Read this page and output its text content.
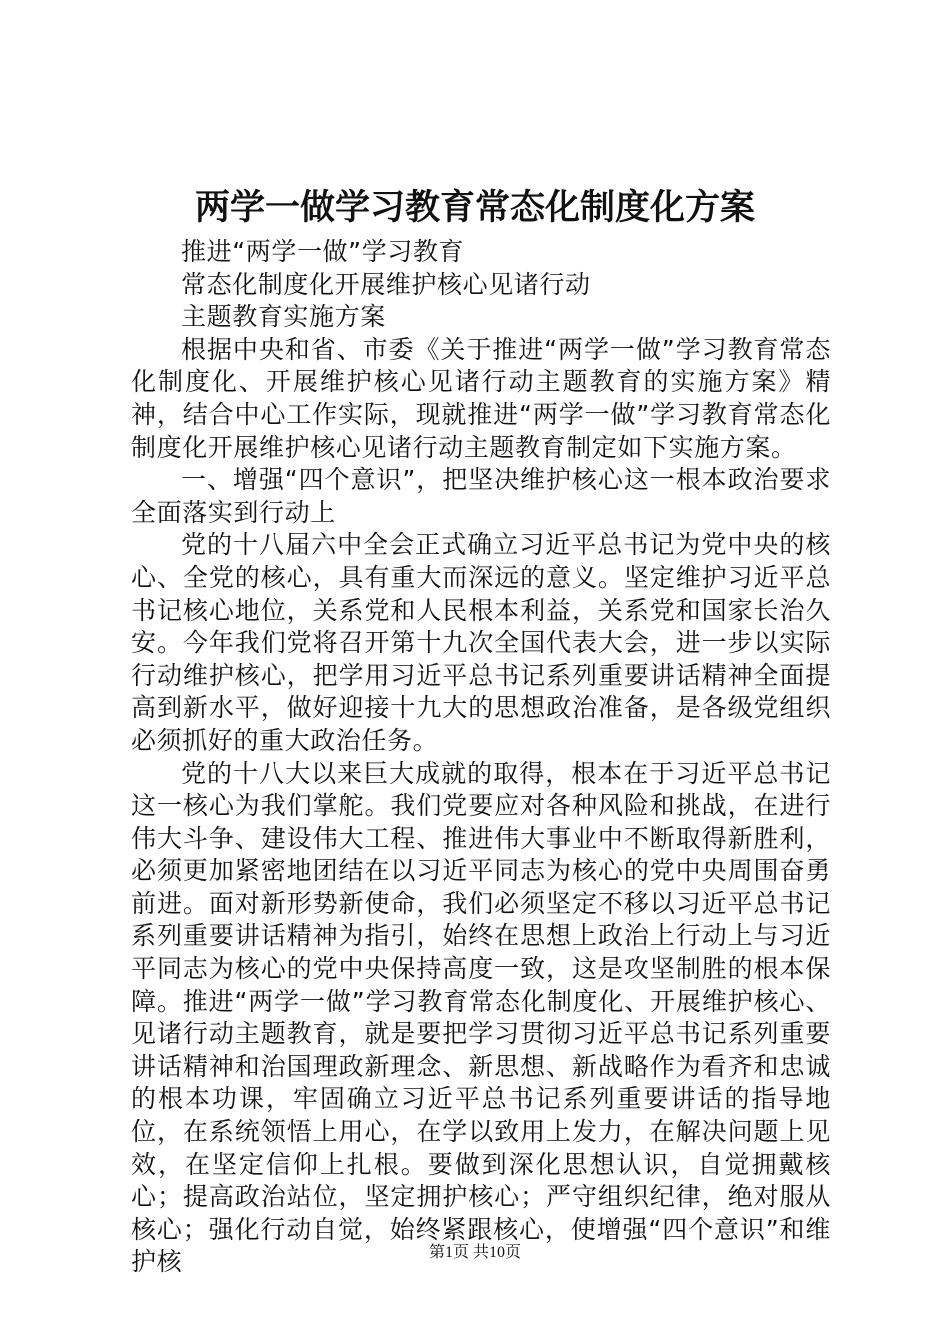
两学一做学习教育常态化制度化方案

推进“两学一做”学习教育

常态化制度化开展维护核心见诸行动

主题教育实施方案

根据中央和省、市委《关于推进“两学一做”学习教育常态化制度化、开展维护核心见诸行动主题教育的实施方案》精神，结合中心工作实际，现就推进“两学一做”学习教育常态化制度化开展维护核心见诸行动主题教育制定如下实施方案。

一、增强“四个意识”，把坚决维护核心这一根本政治要求全面落实到行动上

党的十八届六中全会正式确立习近平总书记为党中央的核心、全党的核心，具有重大而深远的意义。坚定维护习近平总书记核心地位，关系党和人民根本利益，关系党和国家长治久安。今年我们党将召开第十九次全国代表大会，进一步以实际行动维护核心，把学用习近平总书记系列重要讲话精神全面提高到新水平，做好迎接十九大的思想政治准备，是各级党组织必须抓好的重大政治任务。

党的十八大以来巨大成就的取得，根本在于习近平总书记这一核心为我们掌舵。我们党要应对各种风险和挑战，在进行伟大斗争、建设伟大工程、推进伟大事业中不断取得新胜利，必须更加紧密地团结在以习近平同志为核心的党中央周围奋勇前进。面对新形势新使命，我们必须坚定不移以习近平总书记系列重要讲话精神为指引，始终在思想上政治上行动上与习近平同志为核心的党中央保持高度一致，这是攻坚制胜的根本保障。推进“两学一做”学习教育常态化制度化、开展维护核心、见诸行动主题教育，就是要把学习贯彻习近平总书记系列重要讲话精神和治国理政新理念、新思想、新战略作为看齐和忠诚的根本功课，牢固确立习近平总书记系列重要讲话的指导地位，在系统领悟上用心，在学以致用上发力，在解决问题上见效，在坚定信仰上扎根。要做到深化思想认识，自觉拥戴核心；提高政治站位，坚定拥护核心；严守组织纪律，绝对服从核心；强化行动自觉，始终紧跟核心，使增强“四个意识”和维护核	第1页 共10页
